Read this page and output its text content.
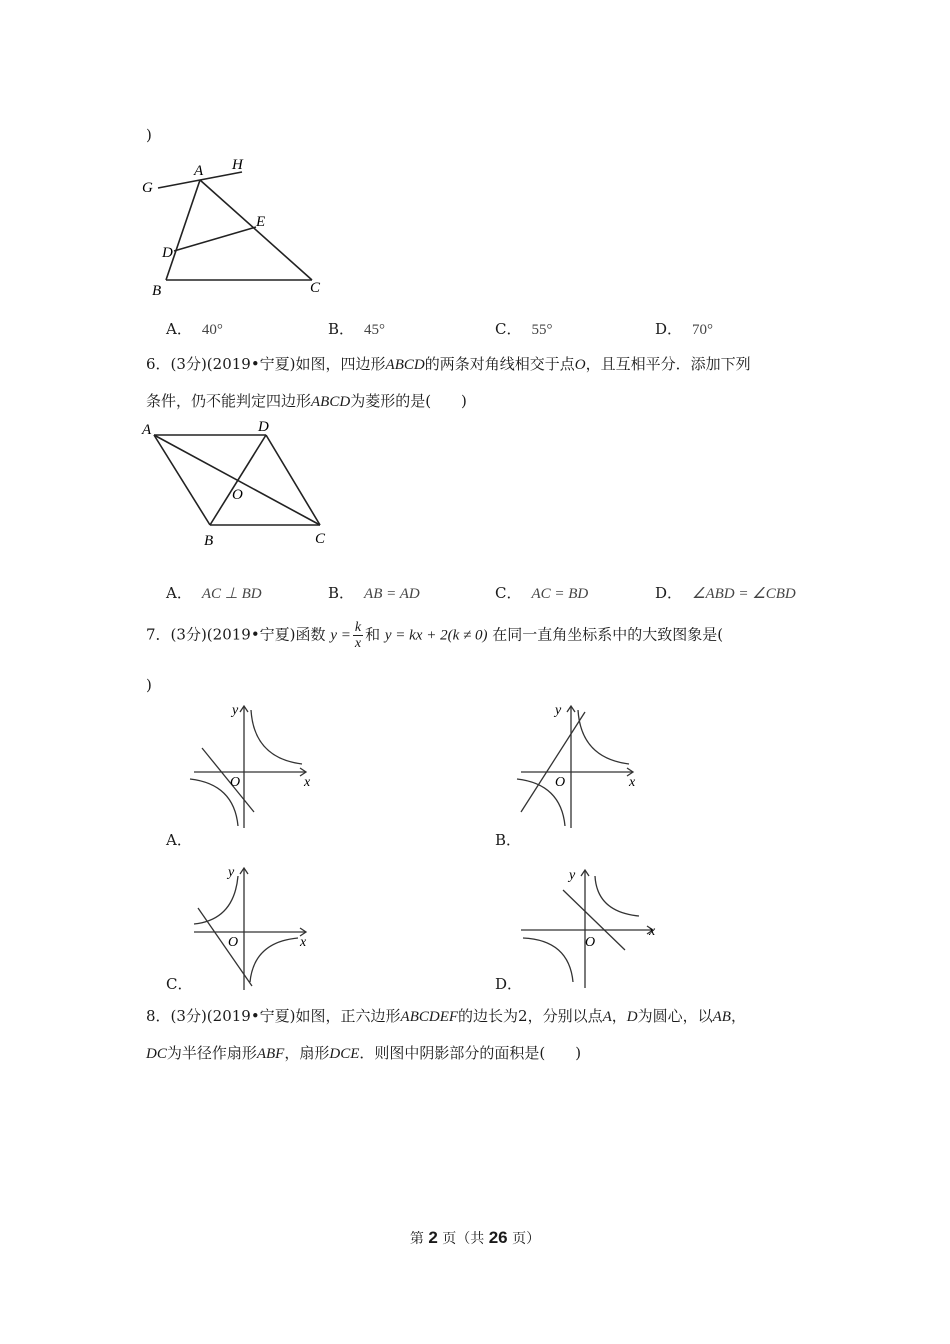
)
G
A H
E
D
B	C
A． 40°	B． 45°	C． 55°	D． 70°
6．(3分)(2019•宁夏)如图，四边形ABCD的两条对角线相交于点O，且互相平分．添加下列
条件，仍不能判定四边形ABCD为菱形的是(　　)
A	D
O
B	C
A． AC ⊥ BD	B． AB = AD	C． AC = BD	D． ∠ABD = ∠CBD
7．(3分)(2019•宁夏)函数 $y = \frac{k}{x}$ 和 y = kx + 2(k ≠ 0) 在同一直角坐标系中的大致图象是(
)
y
O	x
A．
y
O	x
B．
y
O	x
C．
y
O
x
D．
8．(3分)(2019•宁夏)如图，正六边形ABCDEF的边长为2，分别以点A，D为圆心，以AB，
DC为半径作扇形ABF，扇形DCE．则图中阴影部分的面积是(　　)
第 2 页（共 26 页）
